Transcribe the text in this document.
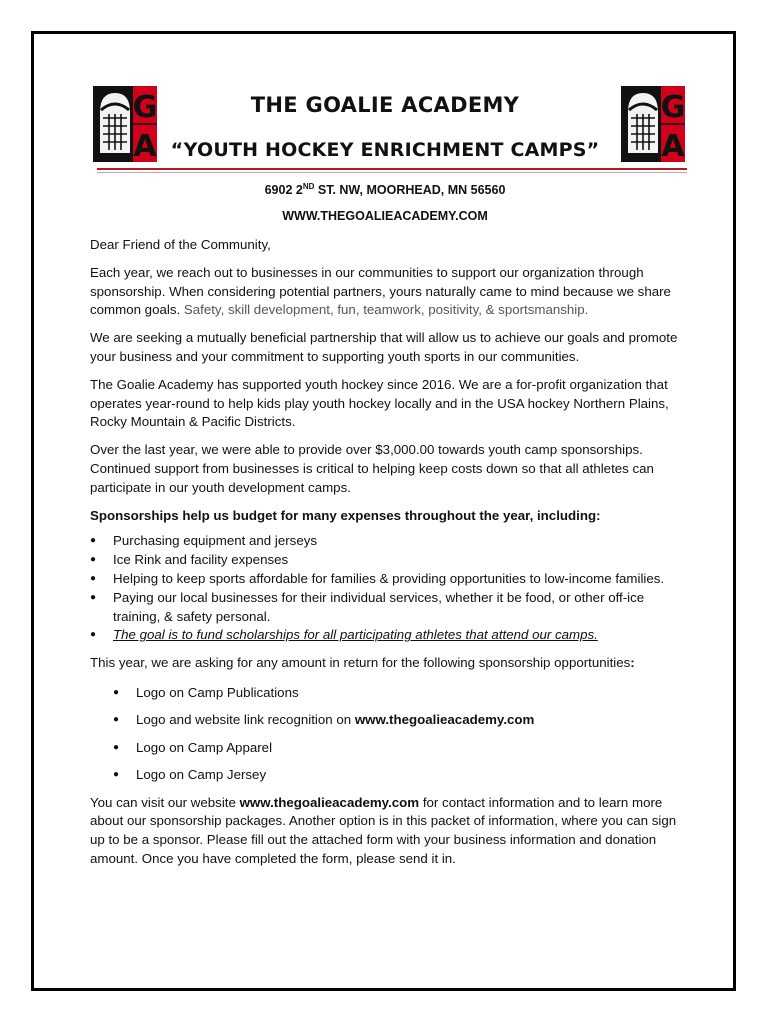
G
A
G
A
THE GOALIE ACADEMY
“YOUTH HOCKEY ENRICHMENT CAMPS”
6902 2ND ST. NW, MOORHEAD, MN 56560
WWW.THEGOALIEACADEMY.COM

Dear Friend of the Community,

Each year, we reach out to businesses in our communities to support our organization through sponsorship. When considering potential partners, yours naturally came to mind because we share common goals. Safety, skill development, fun, teamwork, positivity, & sportsmanship.

We are seeking a mutually beneficial partnership that will allow us to achieve our goals and promote your business and your commitment to supporting youth sports in our communities.

The Goalie Academy has supported youth hockey since 2016. We are a for-profit organization that operates year-round to help kids play youth hockey locally and in the USA hockey Northern Plains, Rocky Mountain & Pacific Districts.

Over the last year, we were able to provide over $3,000.00 towards youth camp sponsorships. Continued support from businesses is critical to helping keep costs down so that all athletes can participate in our youth development camps.

Sponsorships help us budget for many expenses throughout the year, including:

● Purchasing equipment and jerseys
● Ice Rink and facility expenses
● Helping to keep sports affordable for families & providing opportunities to low-income families.
● Paying our local businesses for their individual services, whether it be food, or other off-ice training, & safety personal.
● The goal is to fund scholarships for all participating athletes that attend our camps.

This year, we are asking for any amount in return for the following sponsorship opportunities:

● Logo on Camp Publications
● Logo and website link recognition on www.thegoalieacademy.com
● Logo on Camp Apparel
● Logo on Camp Jersey

You can visit our website www.thegoalieacademy.com for contact information and to learn more about our sponsorship packages. Another option is in this packet of information, where you can sign up to be a sponsor. Please fill out the attached form with your business information and donation amount. Once you have completed the form, please send it in.
